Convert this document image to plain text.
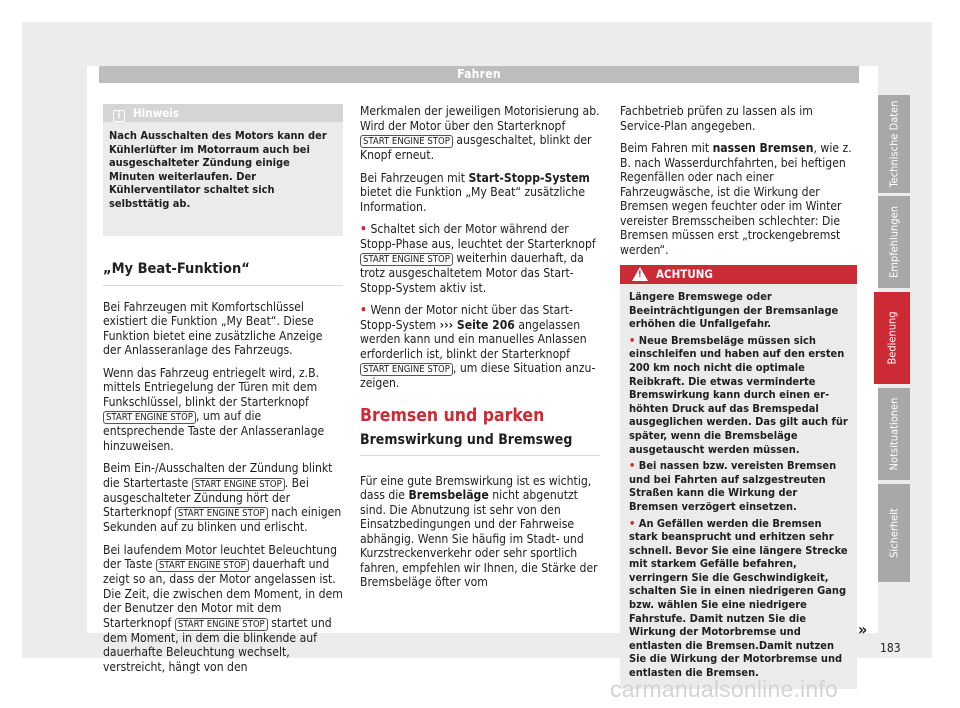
Fahren
i Hinweis
Nach Ausschalten des Motors kann der Kühlerlüfter im Motorraum auch bei ausgeschalteter Zündung einige Minuten weiterlaufen. Der Kühlerventilator schaltet sich selbsttätig ab.
„My Beat-Funktion“

Bei Fahrzeugen mit Komfortschlüssel existiert die Funktion „My Beat“. Diese Funktion bietet eine zusätzliche Anzeige der Anlasseranlage des Fahrzeugs.

Wenn das Fahrzeug entriegelt wird, z.B. mittels Entriegelung der Türen mit dem Funkschlüssel, blinkt der Starterknopf START ENGINE STOP , um auf die entsprechende Taste der Anlasseranlage hinzuweisen.

Beim Ein-/Ausschalten der Zündung blinkt die Startertaste START ENGINE STOP . Bei ausgeschalteter Zündung hört der Starterknopf START ENGINE STOP nach einigen Sekunden auf zu blinken und erlischt.

Bei laufendem Motor leuchtet Beleuchtung der Taste START ENGINE STOP dauerhaft und zeigt so an, dass der Motor angelassen ist. Die Zeit, die zwischen dem Moment, in dem der Benutzer den Motor mit dem Starterknopf START ENGINE STOP startet und dem Moment, in dem die blinkende auf dauerhafte Beleuchtung wechselt, verstreicht, hängt von den

Merkmalen der jeweiligen Motorisierung ab. Wird der Motor über den Starterknopf START ENGINE STOP ausgeschaltet, blinkt der Knopf erneut.

Bei Fahrzeugen mit Start-Stopp-System bietet die Funktion „My Beat“ zusätzliche Information.

• Schaltet sich der Motor während der Stopp-Phase aus, leuchtet der Starterknopf START ENGINE STOP weiterhin dauerhaft, da trotz ausgeschaltetem Motor das Start-Stopp-System aktiv ist.

• Wenn der Motor nicht über das Start-Stopp-System ››› Seite 206 angelassen werden kann und ein manuelles Anlassen erforderlich ist, blinkt der Starterknopf START ENGINE STOP , um diese Situation anzuzeigen.

Bremsen und parken
Bremswirkung und Bremsweg

Für eine gute Bremswirkung ist es wichtig, dass die Bremsbeläge nicht abgenutzt sind. Die Abnutzung ist sehr von den Einsatzbedingungen und der Fahrweise abhängig. Wenn Sie häufig im Stadt- und Kurzstreckenverkehr oder sehr sportlich fahren, empfehlen wir Ihnen, die Stärke der Bremsbeläge öfter vom

Fachbetrieb prüfen zu lassen als im Service-Plan angegeben.

Beim Fahren mit nassen Bremsen, wie z. B. nach Wasserdurchfahrten, bei heftigen Regenfällen oder nach einer Fahrzeugwäsche, ist die Wirkung der Bremsen wegen feuchter oder im Winter vereister Bremsscheiben schlechter: Die Bremsen müssen erst „trockengebremst werden“.

!
ACHTUNG

Längere Bremswege oder Beeinträchtigungen der Bremsanlage erhöhen die Unfallgefahr.

• Neue Bremsbeläge müssen sich einschleifen und haben auf den ersten 200 km noch nicht die optimale Reibkraft. Die etwas verminderte Bremswirkung kann durch einen erhöhten Druck auf das Bremspedal ausgeglichen werden. Das gilt auch für später, wenn die Bremsbeläge ausgetauscht werden müssen.

• Bei nassen bzw. vereisten Bremsen und bei Fahrten auf salzgestreuten Straßen kann die Wirkung der Bremsen verzögert einsetzen.

• An Gefällen werden die Bremsen stark beansprucht und erhitzen sehr schnell. Bevor Sie eine längere Strecke mit starkem Gefälle befahren, verringern Sie die Geschwindigkeit, schalten Sie in einen niedrigeren Gang bzw. wählen Sie eine niedrigere Fahrstufe. Damit nutzen Sie die Wirkung der Motorbremse und entlasten die Bremsen.Damit nutzen Sie die Wirkung der Motorbremse und entlasten die Bremsen.

Technische Daten
Empfehlungen
Bedienung
Notsituationen
Sicherheit
»
183
carmanualsonline.info
